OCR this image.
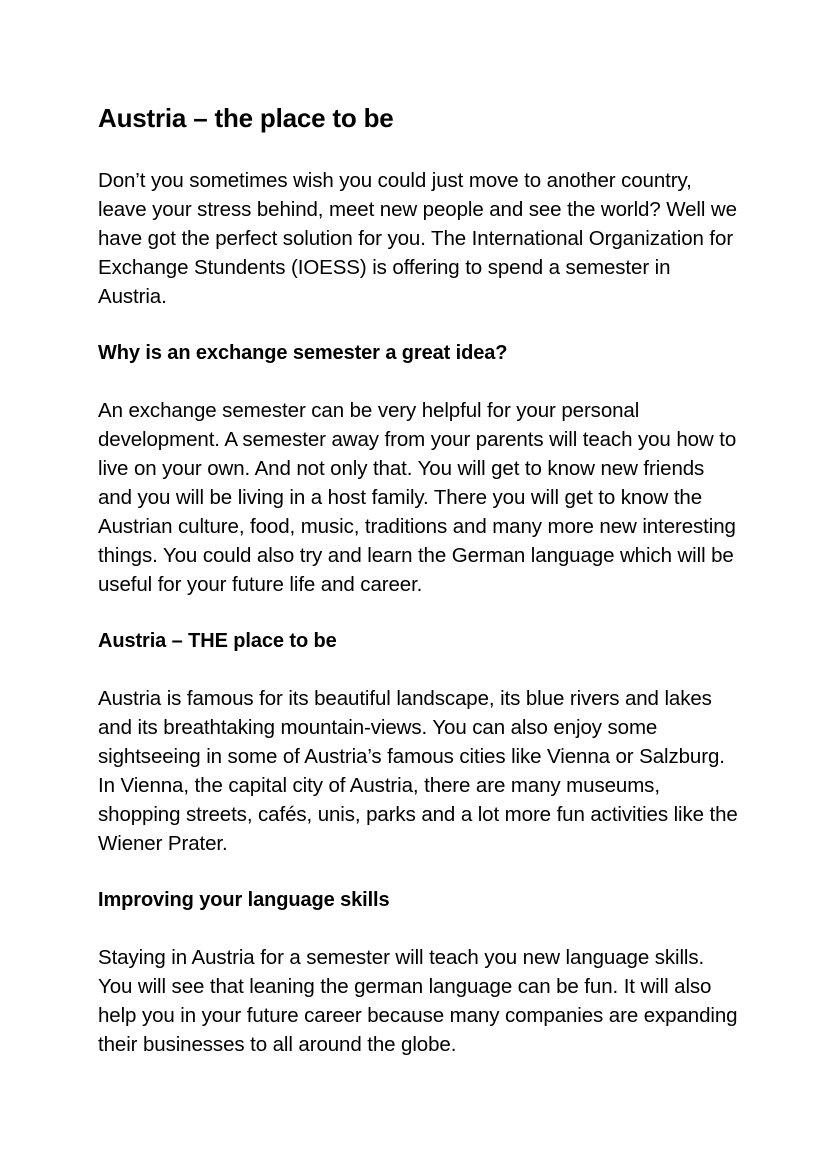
Austria – the place to be

Don’t you sometimes wish you could just move to another country, leave your stress behind, meet new people and see the world? Well we have got the perfect solution for you. The International Organization for Exchange Stundents (IOESS) is offering to spend a semester in Austria.

Why is an exchange semester a great idea?

An exchange semester can be very helpful for your personal development. A semester away from your parents will teach you how to live on your own. And not only that. You will get to know new friends and you will be living in a host family. There you will get to know the Austrian culture, food, music, traditions and many more new interesting things. You could also try and learn the German language which will be useful for your future life and career.

Austria – THE place to be

Austria is famous for its beautiful landscape, its blue rivers and lakes and its breathtaking mountain-views. You can also enjoy some sightseeing in some of Austria’s famous cities like Vienna or Salzburg. In Vienna, the capital city of Austria, there are many museums, shopping streets, cafés, unis, parks and a lot more fun activities like the Wiener Prater.

Improving your language skills

Staying in Austria for a semester will teach you new language skills. You will see that leaning the german language can be fun. It will also help you in your future career because many companies are expanding their businesses to all around the globe.
